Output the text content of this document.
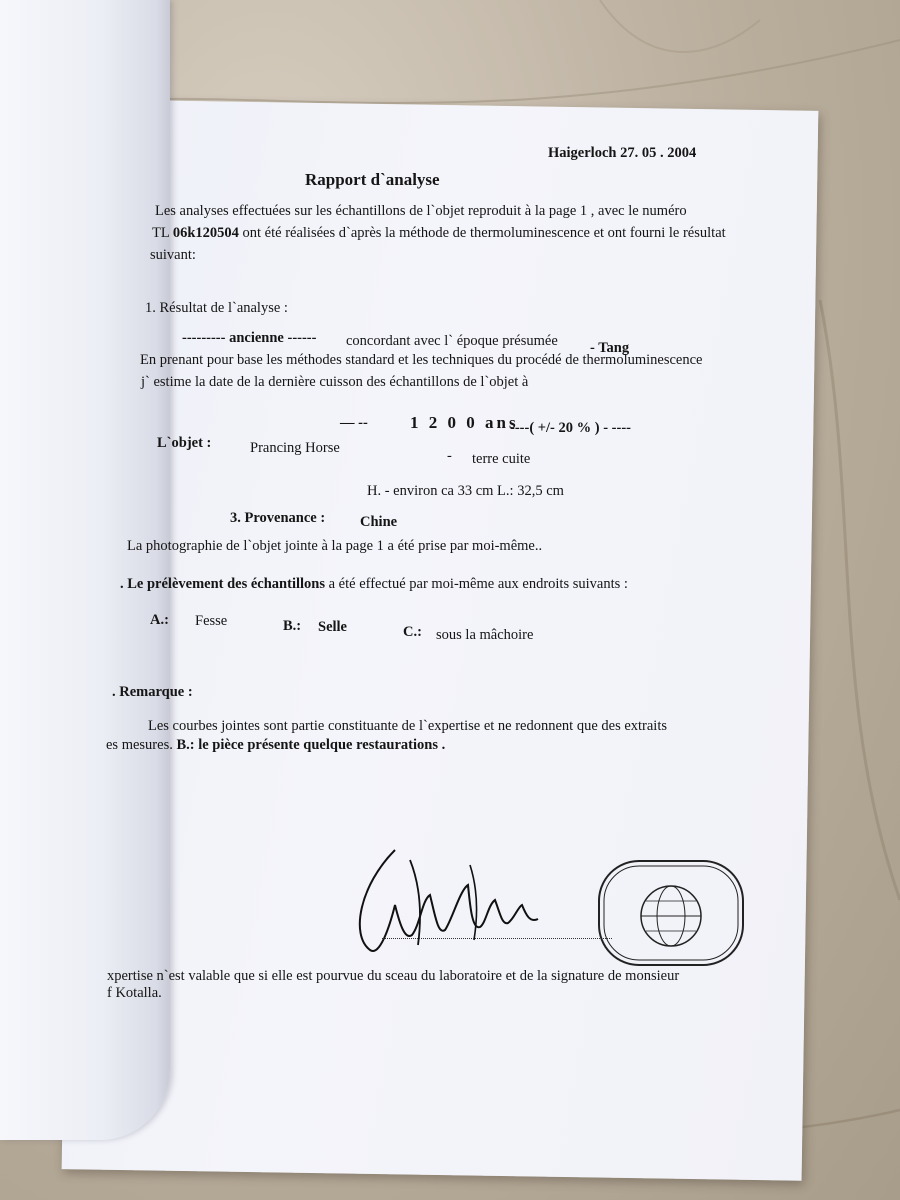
Haigerloch 27. 05 . 2004
Rapport d`analyse
Les analyses effectuées sur les échantillons de l`objet reproduit à la page 1 , avec le numéro
TL 06k120504 ont été réalisées d`après la méthode de thermoluminescence et ont fourni le résultat
suivant:
1. Résultat de l`analyse :
--------- ancienne ------ concordant avec l` époque présumée - Tang
En prenant pour base les méthodes standard et les techniques du procédé de thermoluminescence
j` estime la date de la dernière cuisson des échantillons de l`objet à
— -- 1 2 0 0 ans
----( +/- 20 % ) - ----
L`objet :	Prancing Horse	- terre cuite
H. - environ ca 33 cm L.: 32,5 cm
3. Provenance : Chine
La photographie de l`objet jointe à la page 1 a été prise par moi-même..
. Le prélèvement des échantillons a été effectué par moi-même aux endroits suivants :
A.: Fesse	B.: Selle	C.: sous la mâchoire
. Remarque :
Les courbes jointes sont partie constituante de l`expertise et ne redonnent que des extraits
es mesures. B.: le pièce présente quelque restaurations .
xpertise n`est valable que si elle est pourvue du sceau du laboratoire et de la signature de monsieur
f Kotalla.
